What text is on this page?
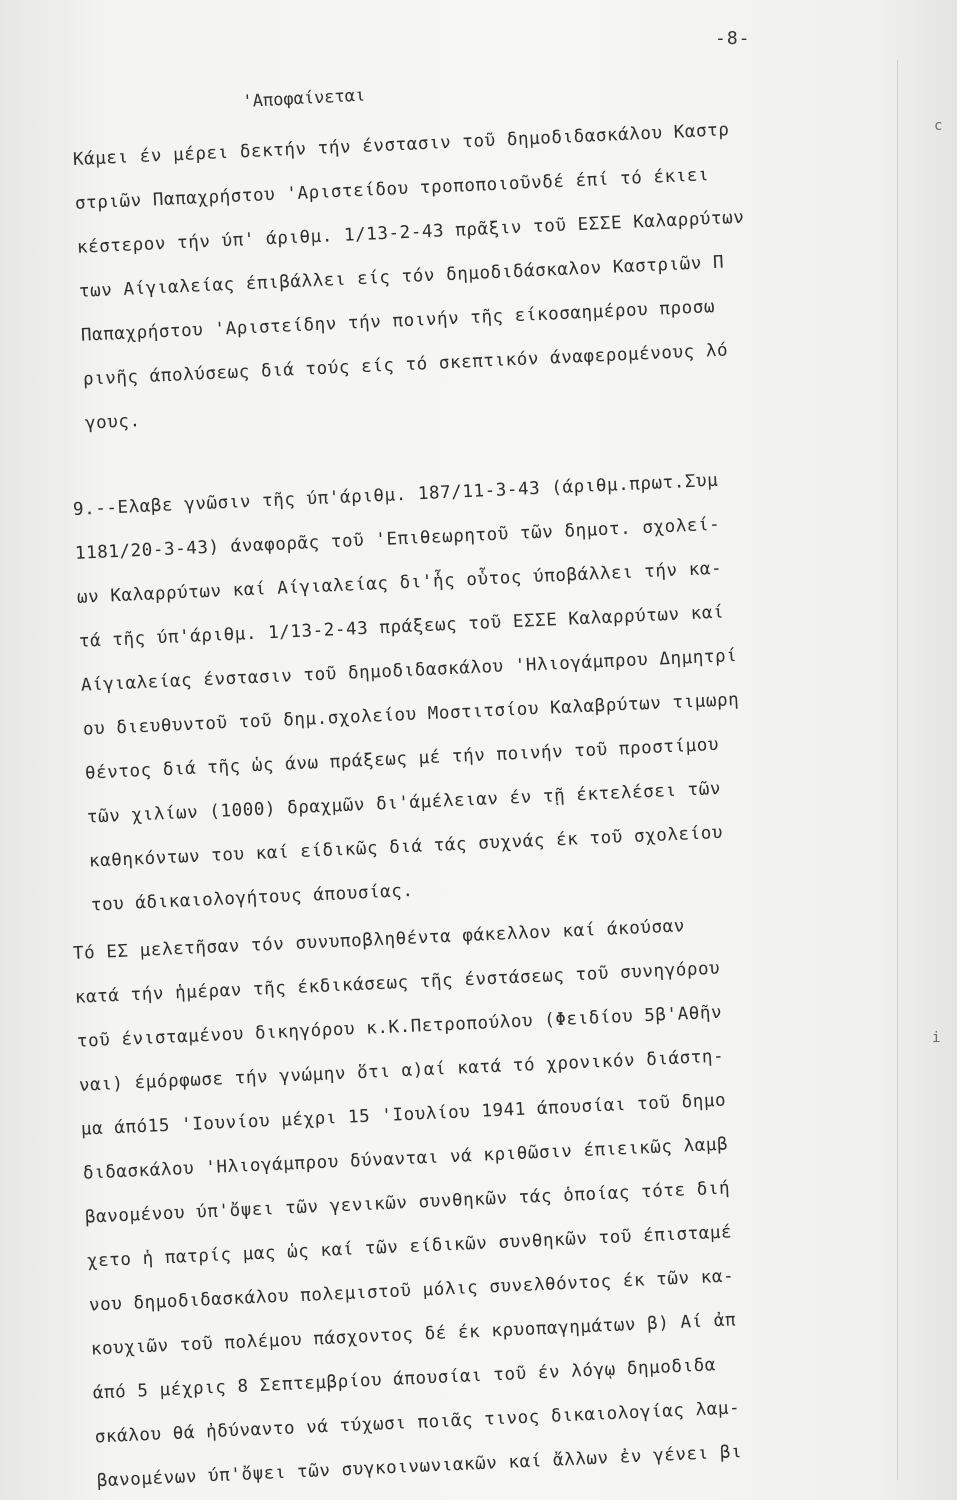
-8-
'Αποφαίνεται
Κάμει έν μέρει δεκτήν τήν ένστασιν τοῦ δημοδιδασκάλου Καστρ
στριῶν Παπαχρήστου 'Αριστείδου τροποποιοῦνδέ έπί τό έκιει
κέστερον τήν ύπ' άριθμ. 1/13-2-43 πρᾶξιν τοῦ ΕΣΣΕ Καλαρρύτων
των Αίγιαλείας έπιβάλλει είς τόν δημοδιδάσκαλον Καστριῶν Π
Παπαχρήστου 'Αριστείδην τήν ποινήν τῆς είκοσαημέρου προσω
ρινῆς άπολύσεως διά τούς είς τό σκεπτικόν άναφερομένους λό
γους.
9.--Ελαβε γνῶσιν τῆς ύπ'άριθμ. 187/11-3-43 (άριθμ.πρωτ.Συμ
1181/20-3-43) άναφορᾶς τοῦ 'Επιθεωρητοῦ τῶν δημοτ. σχολεί-
ων Καλαρρύτων καί Αίγιαλείας δι'ἧς οὗτος ύποβάλλει τήν κα-
τά τῆς ύπ'άριθμ. 1/13-2-43 πράξεως τοῦ ΕΣΣΕ Καλαρρύτων καί
Αίγιαλείας ένστασιν τοῦ δημοδιδασκάλου 'Ηλιογάμπρου Δημητρί
ου διευθυντοῦ τοῦ δημ.σχολείου Μοστιτσίου Καλαβρύτων τιμωρη
θέντος διά τῆς ὡς άνω πράξεως μέ τήν ποινήν τοῦ προστίμου
τῶν χιλίων (1000) δραχμῶν δι'άμέλειαν έν τῇ έκτελέσει τῶν
καθηκόντων του καί είδικῶς διά τάς συχνάς έκ τοῦ σχολείου
του άδικαιολογήτους άπουσίας.
Τό ΕΣ μελετῆσαν τόν συνυποβληθέντα φάκελλον καί άκούσαν
κατά τήν ἡμέραν τῆς έκδικάσεως τῆς ένστάσεως τοῦ συνηγόρου
τοῦ ένισταμένου δικηγόρου κ.Κ.Πετροπούλου (Φειδίου 5β'Αθῆν
ναι) έμόρφωσε τήν γνώμην ὅτι α)αί κατά τό χρονικόν διάστη-
μα άπό15 'Ιουνίου μέχρι 15 'Ιουλίου 1941 άπουσίαι τοῦ δημο
διδασκάλου 'Ηλιογάμπρου δύνανται νά κριθῶσιν έπιεικῶς λαμβ
βανομένου ύπ'ὄψει τῶν γενικῶν συνθηκῶν τάς ὁποίας τότε διή
χετο ἡ πατρίς μας ὡς καί τῶν είδικῶν συνθηκῶν τοῦ έπισταμέ
νου δημοδιδασκάλου πολεμιστοῦ μόλις συνελθόντος έκ τῶν κα-
κουχιῶν τοῦ πολέμου πάσχοντος δέ έκ κρυοπαγημάτων β) Αί ἀπ
άπό 5 μέχρις 8 Σεπτεμβρίου άπουσίαι τοῦ έν λόγῳ δημοδιδα
σκάλου θά ἠδύναντο νά τύχωσι ποιᾶς τινος δικαιολογίας λαμ-
βανομένων ύπ'ὄψει τῶν συγκοινωνιακῶν καί ἄλλων ἐν γένει βι
c
i
